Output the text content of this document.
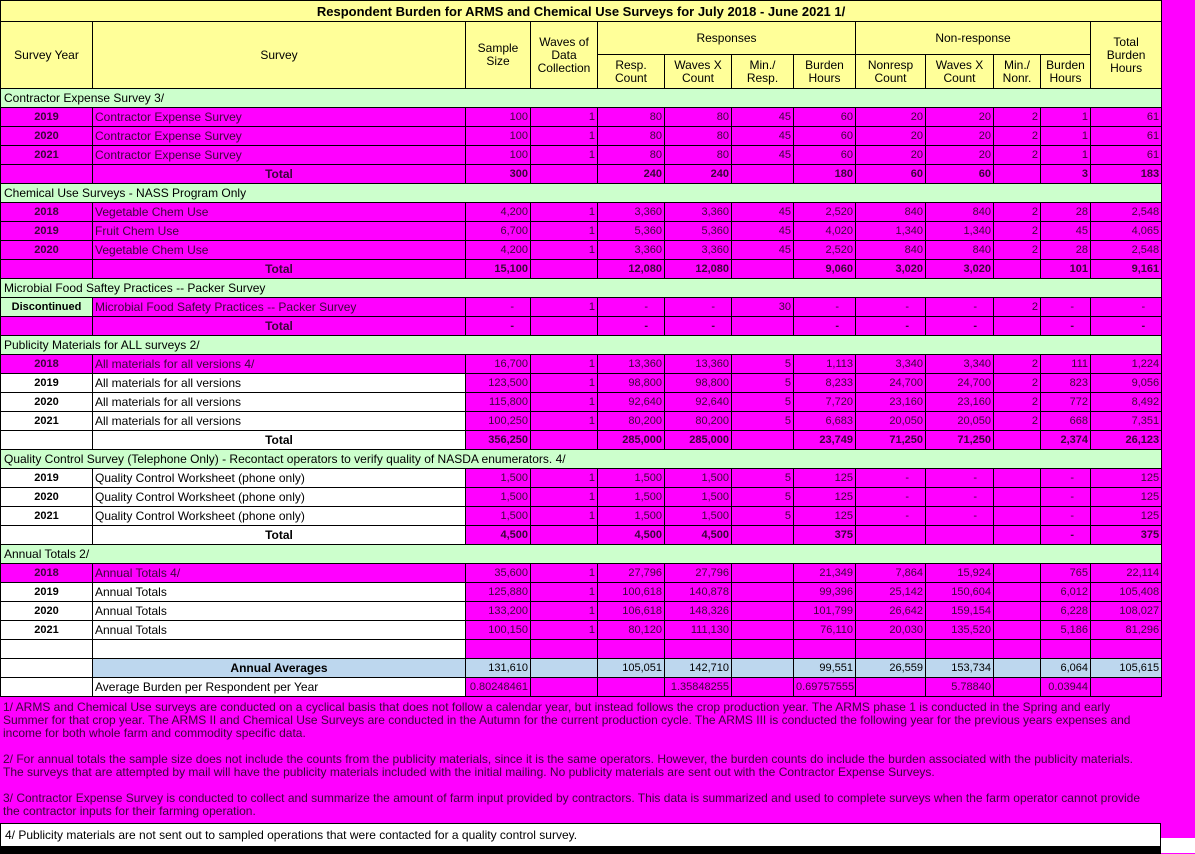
Respondent Burden for ARMS and Chemical Use Surveys for July 2018 - June 2021 1/												
Survey Year	Survey	Sample Size	Waves of Data Collection	Responses				Non-response				Total Burden Hours
				Resp. Count	Waves X Count	Min./ Resp.	Burden Hours	Nonresp Count	Waves X Count	Min./ Nonr.	Burden Hours	
Contractor Expense Survey 3/												
2019	Contractor Expense Survey	100	1	80	80	45	60	20	20	2	1	61
2020	Contractor Expense Survey	100	1	80	80	45	60	20	20	2	1	61
2021	Contractor Expense Survey	100	1	80	80	45	60	20	20	2	1	61
	Total	300		240	240		180	60	60		3	183
Chemical Use Surveys - NASS Program Only												
2018	Vegetable Chem Use	4,200	1	3,360	3,360	45	2,520	840	840	2	28	2,548
2019	Fruit Chem Use	6,700	1	5,360	5,360	45	4,020	1,340	1,340	2	45	4,065
2020	Vegetable Chem Use	4,200	1	3,360	3,360	45	2,520	840	840	2	28	2,548
	Total	15,100		12,080	12,080		9,060	3,020	3,020		101	9,161
Microbial Food Saftey Practices -- Packer Survey												
Discontinued	Microbial Food Safety Practices -- Packer Survey	-	1	-	-	30	-	-	-	2	-	-
	Total	-		-	-		-	-	-		-	-
Publicity Materials for ALL surveys 2/												
2018	All materials for all versions 4/	16,700	1	13,360	13,360	5	1,113	3,340	3,340	2	111	1,224
2019	All materials for all versions	123,500	1	98,800	98,800	5	8,233	24,700	24,700	2	823	9,056
2020	All materials for all versions	115,800	1	92,640	92,640	5	7,720	23,160	23,160	2	772	8,492
2021	All materials for all versions	100,250	1	80,200	80,200	5	6,683	20,050	20,050	2	668	7,351
	Total	356,250		285,000	285,000		23,749	71,250	71,250		2,374	26,123
Quality Control Survey (Telephone Only) - Recontact operators to verify quality of NASDA enumerators. 4/												
2019	Quality Control Worksheet (phone only)	1,500	1	1,500	1,500	5	125	-	-		-	125
2020	Quality Control Worksheet (phone only)	1,500	1	1,500	1,500	5	125	-	-		-	125
2021	Quality Control Worksheet (phone only)	1,500	1	1,500	1,500	5	125	-	-		-	125
	Total	4,500		4,500	4,500		375				-	375
Annual Totals 2/												
2018	Annual Totals 4/	35,600	1	27,796	27,796		21,349	7,864	15,924		765	22,114
2019	Annual Totals	125,880	1	100,618	140,878		99,396	25,142	150,604		6,012	105,408
2020	Annual Totals	133,200	1	106,618	148,326		101,799	26,642	159,154		6,228	108,027
2021	Annual Totals	100,150	1	80,120	111,130		76,110	20,030	135,520		5,186	81,296

	Annual Averages	131,610		105,051	142,710		99,551	26,559	153,734		6,064	105,615
	Average Burden per Respondent per Year	0.80248461			1.35848255		0.69757555		5.78840		0.03944	

1/ ARMS and Chemical Use surveys are conducted on a cyclical basis that does not follow a calendar year, but instead follows the crop production year. The ARMS phase 1 is conducted in the Spring and early Summer for that crop year. The ARMS II and Chemical Use Surveys are conducted in the Autumn for the current production cycle. The ARMS III is conducted the following year for the previous years expenses and income for both whole farm and commodity specific data.

2/ For annual totals the sample size does not include the counts from the publicity materials, since it is the same operators. However, the burden counts do include the burden associated with the publicity materials. The surveys that are attempted by mail will have the publicity materials included with the initial mailing. No publicity materials are sent out with the Contractor Expense Surveys.

3/ Contractor Expense Survey is conducted to collect and summarize the amount of farm input provided by contractors. This data is summarized and used to complete surveys when the farm operator cannot provide the contractor inputs for their farming operation.

4/ Publicity materials are not sent out to sampled operations that were contacted for a quality control survey.
